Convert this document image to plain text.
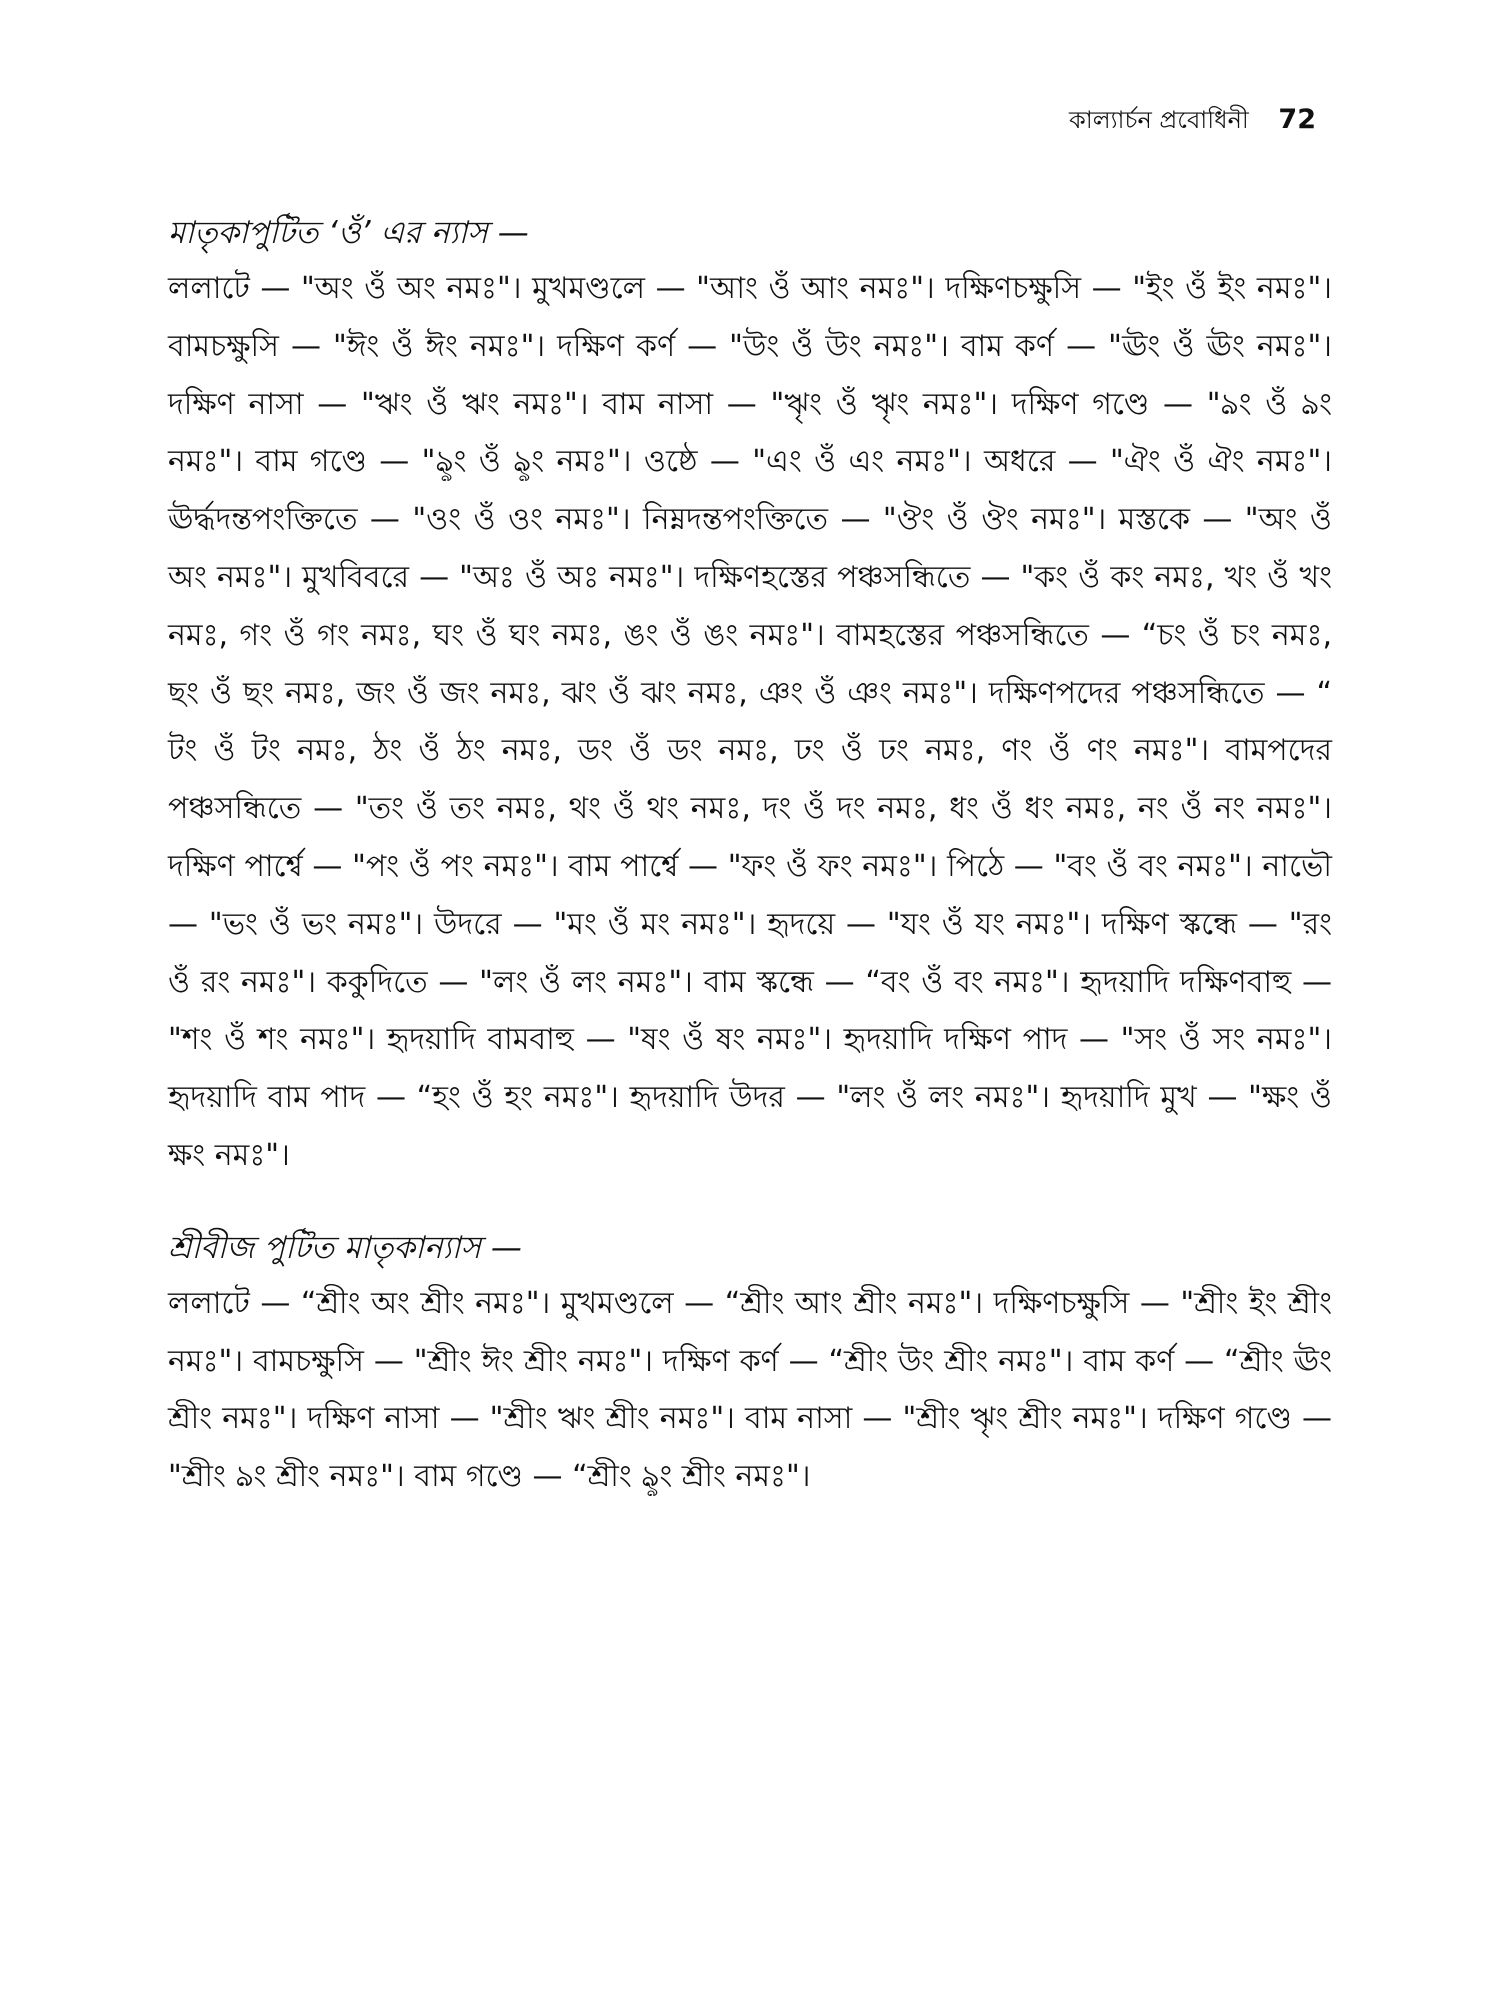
কাল্যার্চন প্রবোধিনী 72
মাতৃকাপুটিত ‘ওঁ’ এর ন্যাস —

ললাটে — "অং ওঁ অং নমঃ"। মুখমণ্ডলে — "আং ওঁ আং নমঃ"। দক্ষিণচক্ষুসি — "ইং ওঁ ইং নমঃ"। বামচক্ষুসি — "ঈং ওঁ ঈং নমঃ"। দক্ষিণ কর্ণ — "উং ওঁ উং নমঃ"। বাম কর্ণ — "ঊং ওঁ ঊং নমঃ"। দক্ষিণ নাসা — "ঋং ওঁ ঋং নমঃ"। বাম নাসা — "ৠং ওঁ ৠং নমঃ"। দক্ষিণ গণ্ডে — "ঌং ওঁ ঌং নমঃ"। বাম গণ্ডে — "ৡং ওঁ ৡং নমঃ"। ওষ্ঠে — "এং ওঁ এং নমঃ"। অধরে — "ঐং ওঁ ঐং নমঃ"। ঊর্দ্ধদন্তপংক্তিতে — "ওং ওঁ ওং নমঃ"। নিম্নদন্তপংক্তিতে — "ঔং ওঁ ঔং নমঃ"। মস্তকে — "অং ওঁ অং নমঃ"। মুখবিবরে — "অঃ ওঁ অঃ নমঃ"। দক্ষিণহস্তের পঞ্চসন্ধিতে — "কং ওঁ কং নমঃ, খং ওঁ খং নমঃ, গং ওঁ গং নমঃ, ঘং ওঁ ঘং নমঃ, ঙং ওঁ ঙং নমঃ"। বামহস্তের পঞ্চসন্ধিতে — “চং ওঁ চং নমঃ, ছং ওঁ ছং নমঃ, জং ওঁ জং নমঃ, ঝং ওঁ ঝং নমঃ, ঞং ওঁ ঞং নমঃ"। দক্ষিণপদের পঞ্চসন্ধিতে — “ টং ওঁ টং নমঃ, ঠং ওঁ ঠং নমঃ, ডং ওঁ ডং নমঃ, ঢং ওঁ ঢং নমঃ, ণং ওঁ ণং নমঃ"। বামপদের পঞ্চসন্ধিতে — "তং ওঁ তং নমঃ, থং ওঁ থং নমঃ, দং ওঁ দং নমঃ, ধং ওঁ ধং নমঃ, নং ওঁ নং নমঃ"। দক্ষিণ পার্শ্বে — "পং ওঁ পং নমঃ"। বাম পার্শ্বে — "ফং ওঁ ফং নমঃ"। পিঠে — "বং ওঁ বং নমঃ"। নাভৌ — "ভং ওঁ ভং নমঃ"। উদরে — "মং ওঁ মং নমঃ"। হৃদয়ে — "যং ওঁ যং নমঃ"। দক্ষিণ স্কন্ধে — "রং ওঁ রং নমঃ"। ককুদিতে — "লং ওঁ লং নমঃ"। বাম স্কন্ধে — “বং ওঁ বং নমঃ"। হৃদয়াদি দক্ষিণবাহু — "শং ওঁ শং নমঃ"। হৃদয়াদি বামবাহু — "ষং ওঁ ষং নমঃ"। হৃদয়াদি দক্ষিণ পাদ — "সং ওঁ সং নমঃ"। হৃদয়াদি বাম পাদ — “হং ওঁ হং নমঃ"। হৃদয়াদি উদর — "লং ওঁ লং নমঃ"। হৃদয়াদি মুখ — "ক্ষং ওঁ ক্ষং নমঃ"।

শ্রীবীজ পুটিত মাতৃকান্যাস —

ললাটে — “শ্রীং অং শ্রীং নমঃ"। মুখমণ্ডলে — “শ্রীং আং শ্রীং নমঃ"। দক্ষিণচক্ষুসি — "শ্রীং ইং শ্রীং নমঃ"। বামচক্ষুসি — "শ্রীং ঈং শ্রীং নমঃ"। দক্ষিণ কর্ণ — “শ্রীং উং শ্রীং নমঃ"। বাম কর্ণ — “শ্রীং ঊং শ্রীং নমঃ"। দক্ষিণ নাসা — "শ্রীং ঋং শ্রীং নমঃ"। বাম নাসা — "শ্রীং ৠং শ্রীং নমঃ"। দক্ষিণ গণ্ডে — "শ্রীং ঌং শ্রীং নমঃ"। বাম গণ্ডে — “শ্রীং ৡং শ্রীং নমঃ"।
